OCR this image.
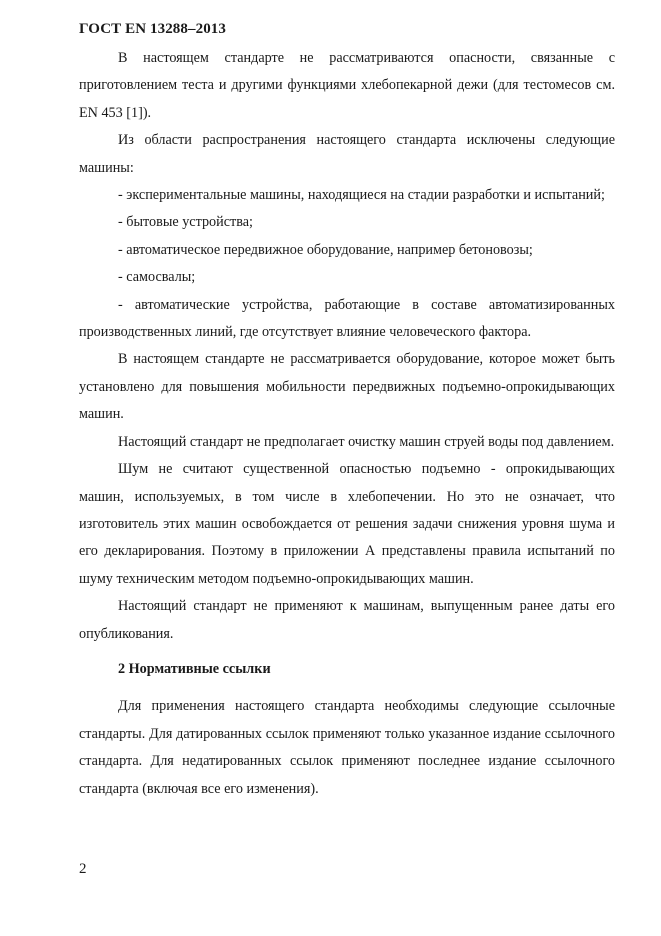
ГОСТ EN 13288–2013

В настоящем стандарте не рассматриваются опасности, связанные с приготовлением теста и другими функциями хлебопекарной дежи (для тестомесов см. EN 453 [1]).

Из области распространения настоящего стандарта исключены следующие машины:

- экспериментальные машины, находящиеся на стадии разработки и испытаний;

- бытовые устройства;

- автоматическое передвижное оборудование, например бетоновозы;

- самосвалы;

- автоматические устройства, работающие в составе автоматизированных производственных линий, где отсутствует влияние человеческого фактора.

В настоящем стандарте не рассматривается оборудование, которое может быть установлено для повышения мобильности передвижных подъемно-опрокидывающих машин.

Настоящий стандарт не предполагает очистку машин струей воды под давлением.

Шум не считают существенной опасностью подъемно - опрокидывающих машин, используемых, в том числе в хлебопечении. Но это не означает, что изготовитель этих машин освобождается от решения задачи снижения уровня шума и его декларирования. Поэтому в приложении А представлены правила испытаний по шуму техническим методом подъемно-опрокидывающих машин.

Настоящий стандарт не применяют к машинам, выпущенным ранее даты его опубликования.

2 Нормативные ссылки

Для применения настоящего стандарта необходимы следующие ссылочные стандарты. Для датированных ссылок применяют только указанное издание ссылочного стандарта. Для недатированных ссылок применяют последнее издание ссылочного стандарта (включая все его изменения).

2
